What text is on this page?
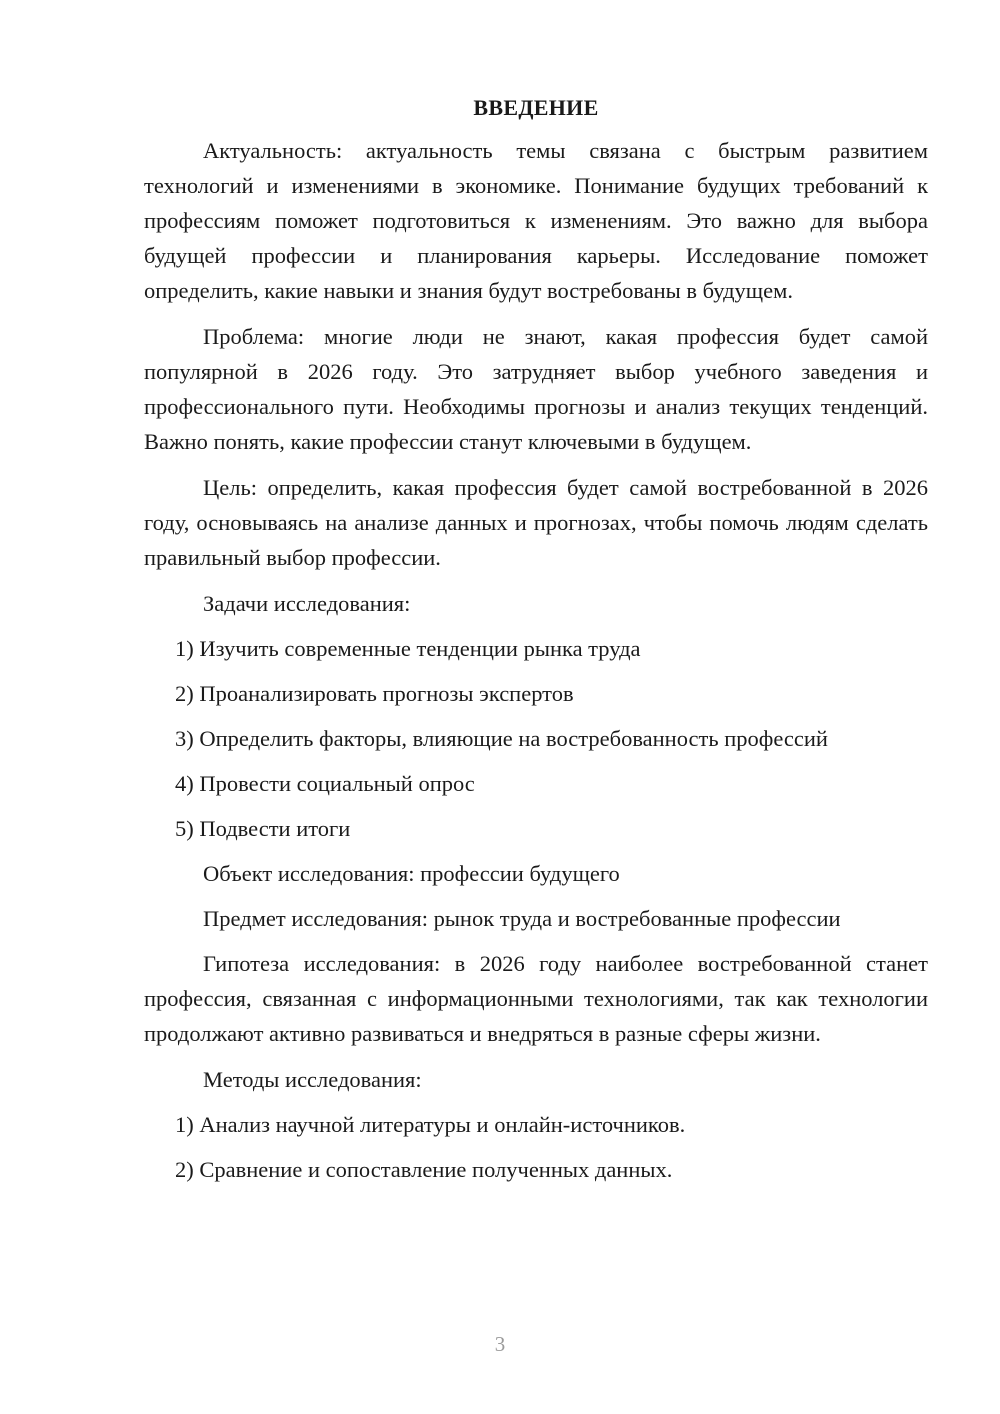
ВВЕДЕНИЕ

Актуальность: актуальность темы связана с быстрым развитием технологий и изменениями в экономике. Понимание будущих требований к профессиям поможет подготовиться к изменениям. Это важно для выбора будущей профессии и планирования карьеры. Исследование поможет определить, какие навыки и знания будут востребованы в будущем.

Проблема: многие люди не знают, какая профессия будет самой популярной в 2026 году. Это затрудняет выбор учебного заведения и профессионального пути. Необходимы прогнозы и анализ текущих тенденций. Важно понять, какие профессии станут ключевыми в будущем.

Цель: определить, какая профессия будет самой востребованной в 2026 году, основываясь на анализе данных и прогнозах, чтобы помочь людям сделать правильный выбор профессии.

Задачи исследования:

1) Изучить современные тенденции рынка труда

2) Проанализировать прогнозы экспертов

3) Определить факторы, влияющие на востребованность профессий

4) Провести социальный опрос

5) Подвести итоги

Объект исследования: профессии будущего

Предмет исследования: рынок труда и востребованные профессии

Гипотеза исследования: в 2026 году наиболее востребованной станет профессия, связанная с информационными технологиями, так как технологии продолжают активно развиваться и внедряться в разные сферы жизни.

Методы исследования:

1) Анализ научной литературы и онлайн-источников.

2) Сравнение и сопоставление полученных данных.

3
